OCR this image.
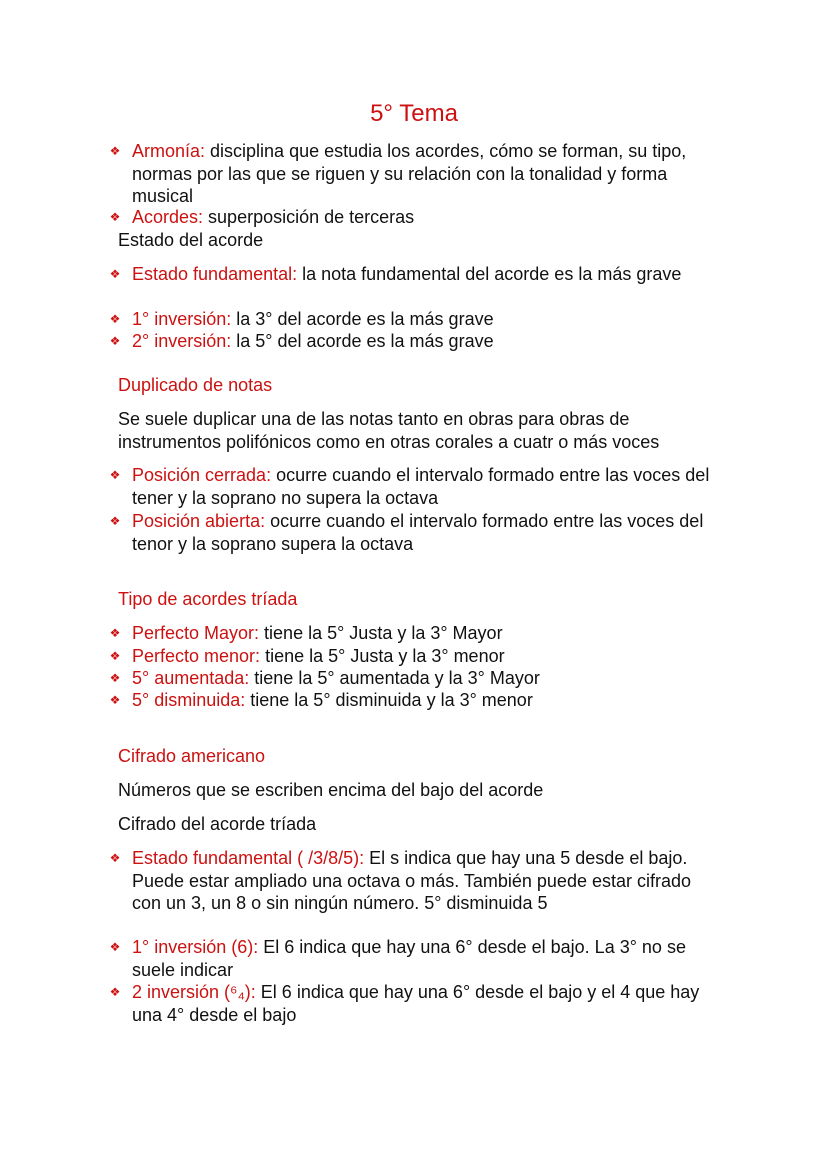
5° Tema
❖ Armonía: disciplina que estudia los acordes, cómo se forman, su tipo, normas por las que se riguen y su relación con la tonalidad y forma musical
❖ Acordes: superposición de terceras
Estado del acorde
❖ Estado fundamental: la nota fundamental del acorde es la más grave
❖ 1° inversión: la 3° del acorde es la más grave
❖ 2° inversión: la 5° del acorde es la más grave
Duplicado de notas
Se suele duplicar una de las notas tanto en obras para obras de instrumentos polifónicos como en otras corales a cuatr o más voces
❖ Posición cerrada: ocurre cuando el intervalo formado entre las voces del tener y la soprano no supera la octava
❖ Posición abierta: ocurre cuando el intervalo formado entre las voces del tenor y la soprano supera la octava
Tipo de acordes tríada
❖ Perfecto Mayor: tiene la 5° Justa y la 3° Mayor
❖ Perfecto menor: tiene la 5° Justa y la 3° menor
❖ 5° aumentada: tiene la 5° aumentada y la 3° Mayor
❖ 5° disminuida: tiene la 5° disminuida y la 3° menor
Cifrado americano
Números que se escriben encima del bajo del acorde
Cifrado del acorde tríada
❖ Estado fundamental ( /3/8/5): El s indica que hay una 5 desde el bajo. Puede estar ampliado una octava o más. También puede estar cifrado con un 3, un 8 o sin ningún número. 5° disminuida 5
❖ 1° inversión (6): El 6 indica que hay una 6° desde el bajo. La 3° no se suele indicar
❖ 2 inversión (⁶₄): El 6 indica que hay una 6° desde el bajo y el 4 que hay una 4° desde el bajo
